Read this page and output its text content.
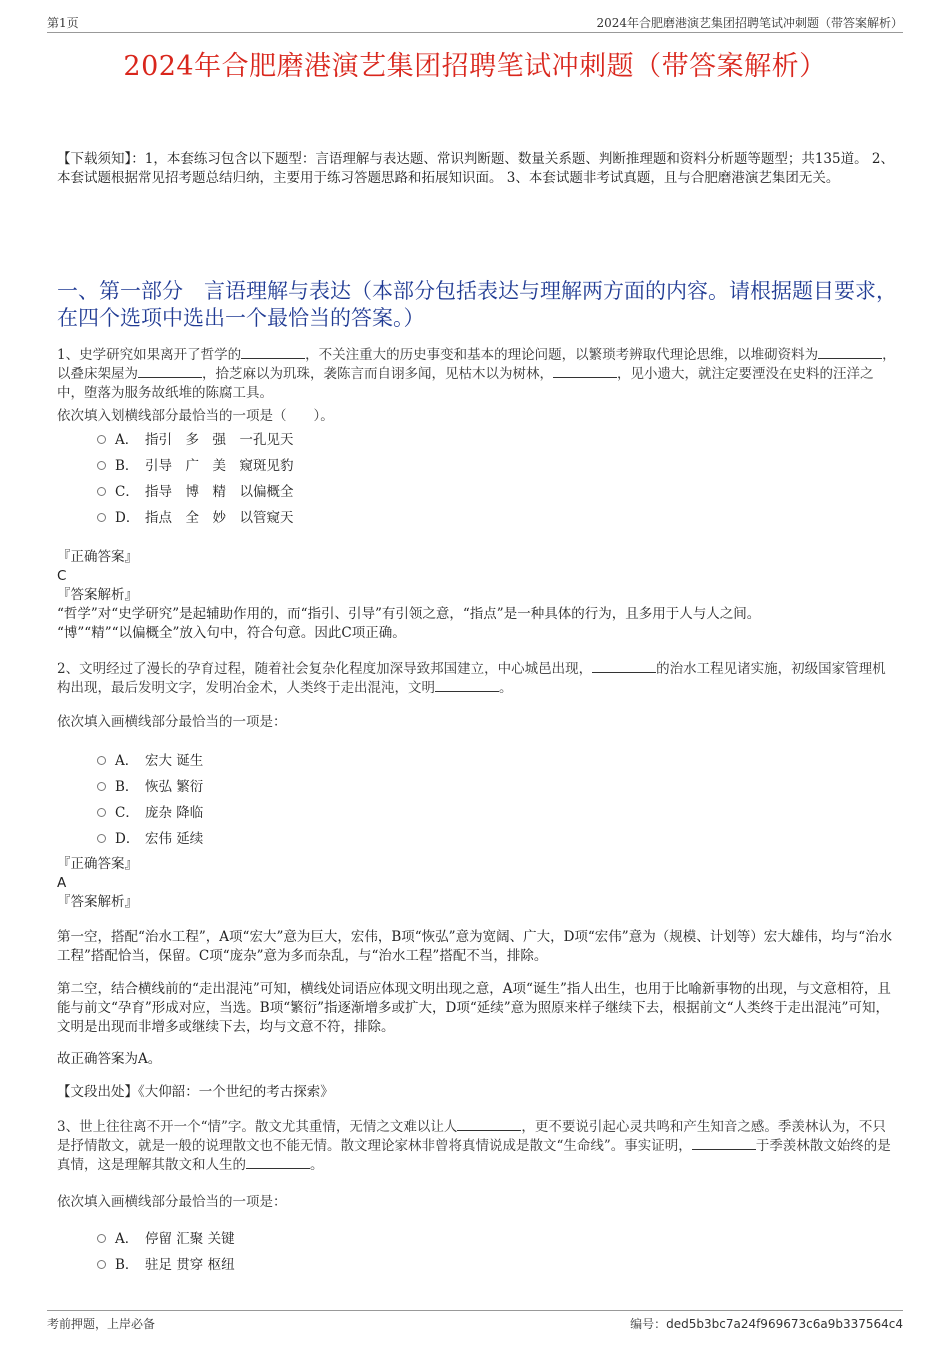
第1页	2024年合肥磨港演艺集团招聘笔试冲刺题（带答案解析）
2024年合肥磨港演艺集团招聘笔试冲刺题（带答案解析）
【下载须知】：1，本套练习包含以下题型：言语理解与表达题、常识判断题、数量关系题、判断推理题和资料分析题等题型；共135道。 2、本套试题根据常见招考题总结归纳，主要用于练习答题思路和拓展知识面。 3、本套试题非考试真题，且与合肥磨港演艺集团无关。
一、第一部分　言语理解与表达（本部分包括表达与理解两方面的内容。请根据题目要求，在四个选项中选出一个最恰当的答案。）
1、史学研究如果离开了哲学的	，不关注重大的历史事变和基本的理论问题，以繁琐考辨取代理论思维，以堆砌资料为	，以叠床架屋为	，拾芝麻以为玑珠，袭陈言而自诩多闻，见枯木以为树林，	，见小遗大，就注定要湮没在史料的汪洋之中，堕落为服务故纸堆的陈腐工具。
依次填入划横线部分最恰当的一项是（　　）。
A． 指引　多　强　一孔见天
B． 引导　广　美　窥斑见豹
C． 指导　博　精　以偏概全
D． 指点　全　妙　以管窥天
『正确答案』
C
『答案解析』
“哲学”对“史学研究”是起辅助作用的，而“指引、引导”有引领之意，“指点”是一种具体的行为，且多用于人与人之间。
“博”“精”“以偏概全”放入句中，符合句意。因此C项正确。
2、文明经过了漫长的孕育过程，随着社会复杂化程度加深导致邦国建立，中心城邑出现，	的治水工程见诸实施，初级国家管理机构出现，最后发明文字，发明冶金术，人类终于走出混沌，文明	。
依次填入画横线部分最恰当的一项是：
A． 宏大 诞生
B． 恢弘 繁衍
C． 庞杂 降临
D． 宏伟 延续
『正确答案』
A
『答案解析』
第一空，搭配“治水工程”，A项“宏大”意为巨大，宏伟，B项“恢弘”意为宽阔、广大，D项“宏伟”意为（规模、计划等）宏大雄伟，均与“治水工程”搭配恰当，保留。C项“庞杂”意为多而杂乱，与“治水工程”搭配不当，排除。
第二空，结合横线前的“走出混沌”可知，横线处词语应体现文明出现之意，A项“诞生”指人出生，也用于比喻新事物的出现，与文意相符，且能与前文“孕育”形成对应，当选。B项“繁衍”指逐渐增多或扩大，D项“延续”意为照原来样子继续下去，根据前文“人类终于走出混沌”可知，文明是出现而非增多或继续下去，均与文意不符，排除。
故正确答案为A。
【文段出处】《大仰韶：一个世纪的考古探索》
3、世上往往离不开一个“情”字。散文尤其重情，无情之文难以让人	，更不要说引起心灵共鸣和产生知音之感。季羡林认为，不只是抒情散文，就是一般的说理散文也不能无情。散文理论家林非曾将真情说成是散文“生命线”。事实证明，	于季羡林散文始终的是真情，这是理解其散文和人生的	。
依次填入画横线部分最恰当的一项是：
A． 停留 汇聚 关键
B． 驻足 贯穿 枢纽
考前押题，上岸必备	编号：ded5b3bc7a24f969673c6a9b337564c4
